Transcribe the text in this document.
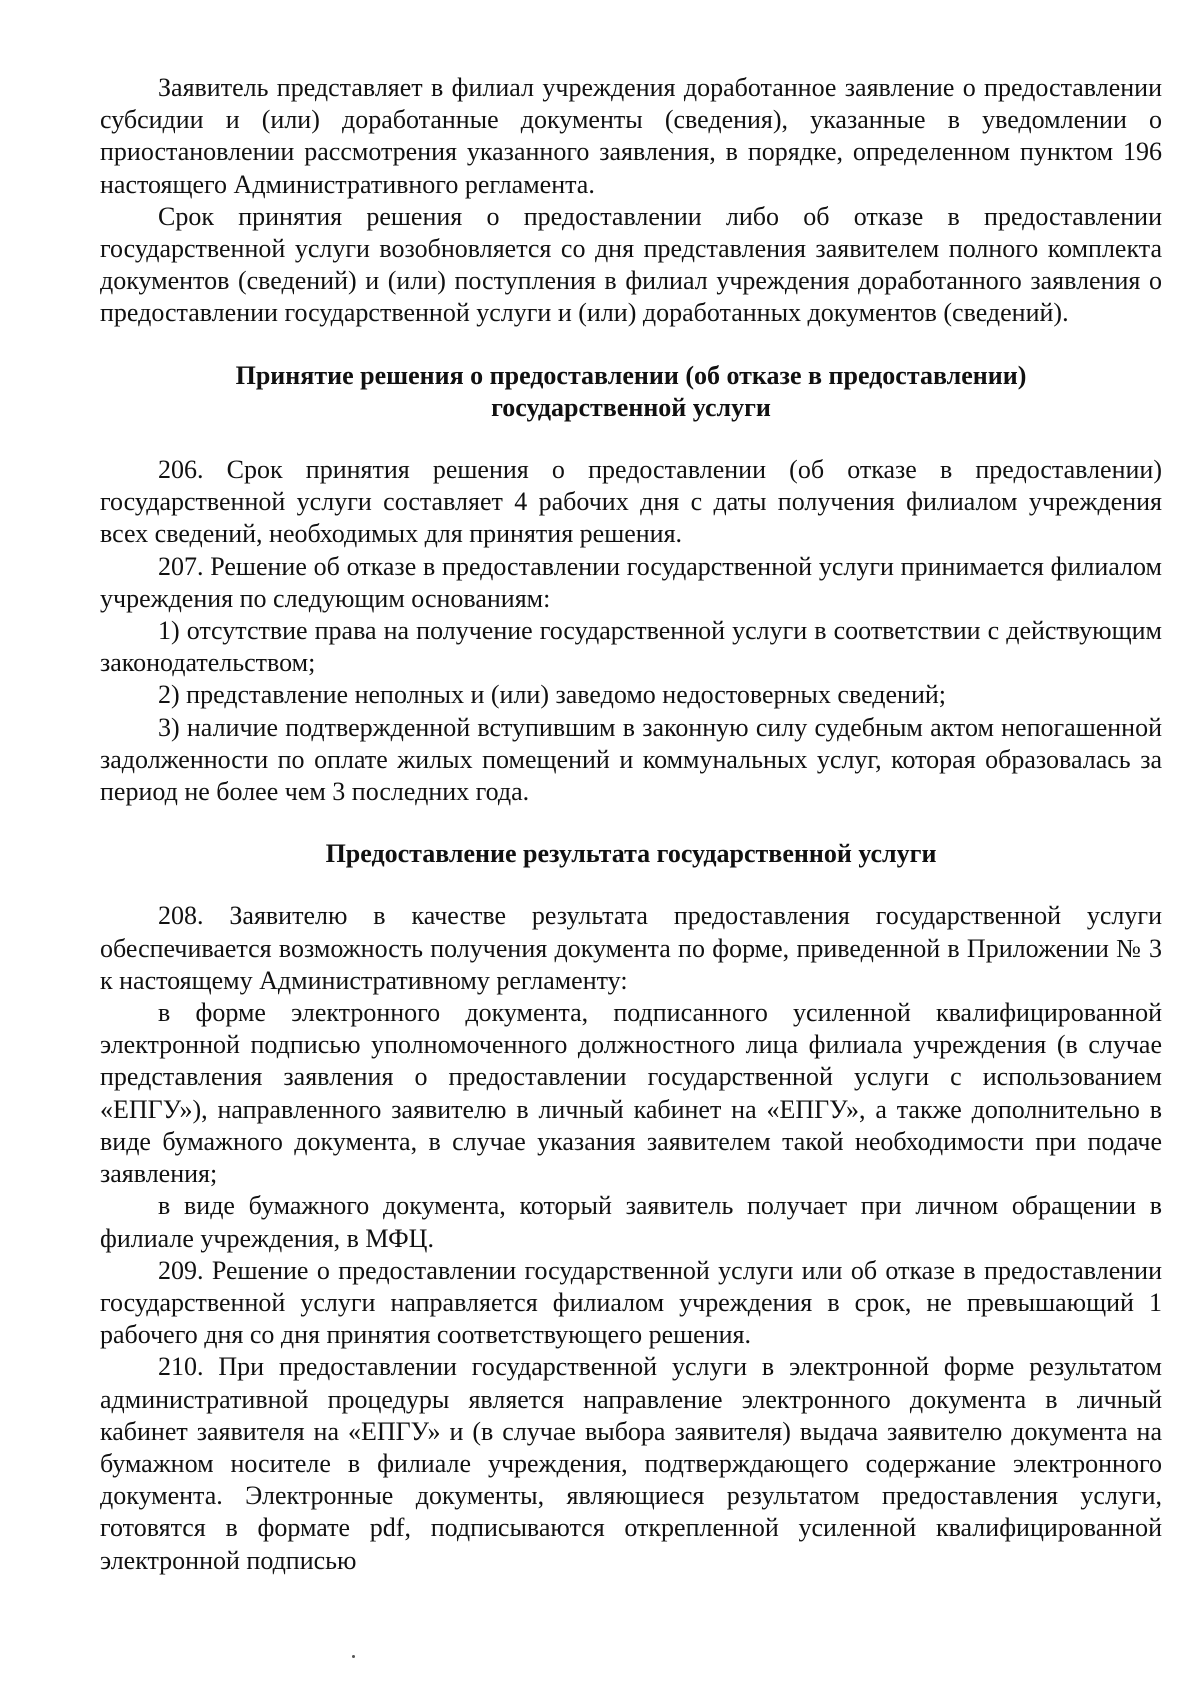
Заявитель представляет в филиал учреждения доработанное заявление о предоставлении субсидии и (или) доработанные документы (сведения), указанные в уведомлении о приостановлении рассмотрения указанного заявления, в порядке, определенном пунктом 196 настоящего Административного регламента.

Срок принятия решения о предоставлении либо об отказе в предоставлении государственной услуги возобновляется со дня представления заявителем полного комплекта документов (сведений) и (или) поступления в филиал учреждения доработанного заявления о предоставлении государственной услуги и (или) доработанных документов (сведений).

Принятие решения о предоставлении (об отказе в предоставлении)
государственной услуги

206. Срок принятия решения о предоставлении (об отказе в предоставлении) государственной услуги составляет 4 рабочих дня с даты получения филиалом учреждения всех сведений, необходимых для принятия решения.

207. Решение об отказе в предоставлении государственной услуги принимается филиалом учреждения по следующим основаниям:

1) отсутствие права на получение государственной услуги в соответствии с действующим законодательством;

2) представление неполных и (или) заведомо недостоверных сведений;

3) наличие подтвержденной вступившим в законную силу судебным актом непогашенной задолженности по оплате жилых помещений и коммунальных услуг, которая образовалась за период не более чем 3 последних года.

Предоставление результата государственной услуги

208. Заявителю в качестве результата предоставления государственной услуги обеспечивается возможность получения документа по форме, приведенной в Приложении № 3 к настоящему Административному регламенту:

в форме электронного документа, подписанного усиленной квалифицированной электронной подписью уполномоченного должностного лица филиала учреждения (в случае представления заявления о предоставлении государственной услуги с использованием «ЕПГУ»), направленного заявителю в личный кабинет на «ЕПГУ», а также дополнительно в виде бумажного документа, в случае указания заявителем такой необходимости при подаче заявления;

в виде бумажного документа, который заявитель получает при личном обращении в филиале учреждения, в МФЦ.

209. Решение о предоставлении государственной услуги или об отказе в предоставлении государственной услуги направляется филиалом учреждения в срок, не превышающий 1 рабочего дня со дня принятия соответствующего решения.

210. При предоставлении государственной услуги в электронной форме результатом административной процедуры является направление электронного документа в личный кабинет заявителя на «ЕПГУ» и (в случае выбора заявителя) выдача заявителю документа на бумажном носителе в филиале учреждения, подтверждающего содержание электронного документа. Электронные документы, являющиеся результатом предоставления услуги, готовятся в формате pdf, подписываются открепленной усиленной квалифицированной электронной подписью
